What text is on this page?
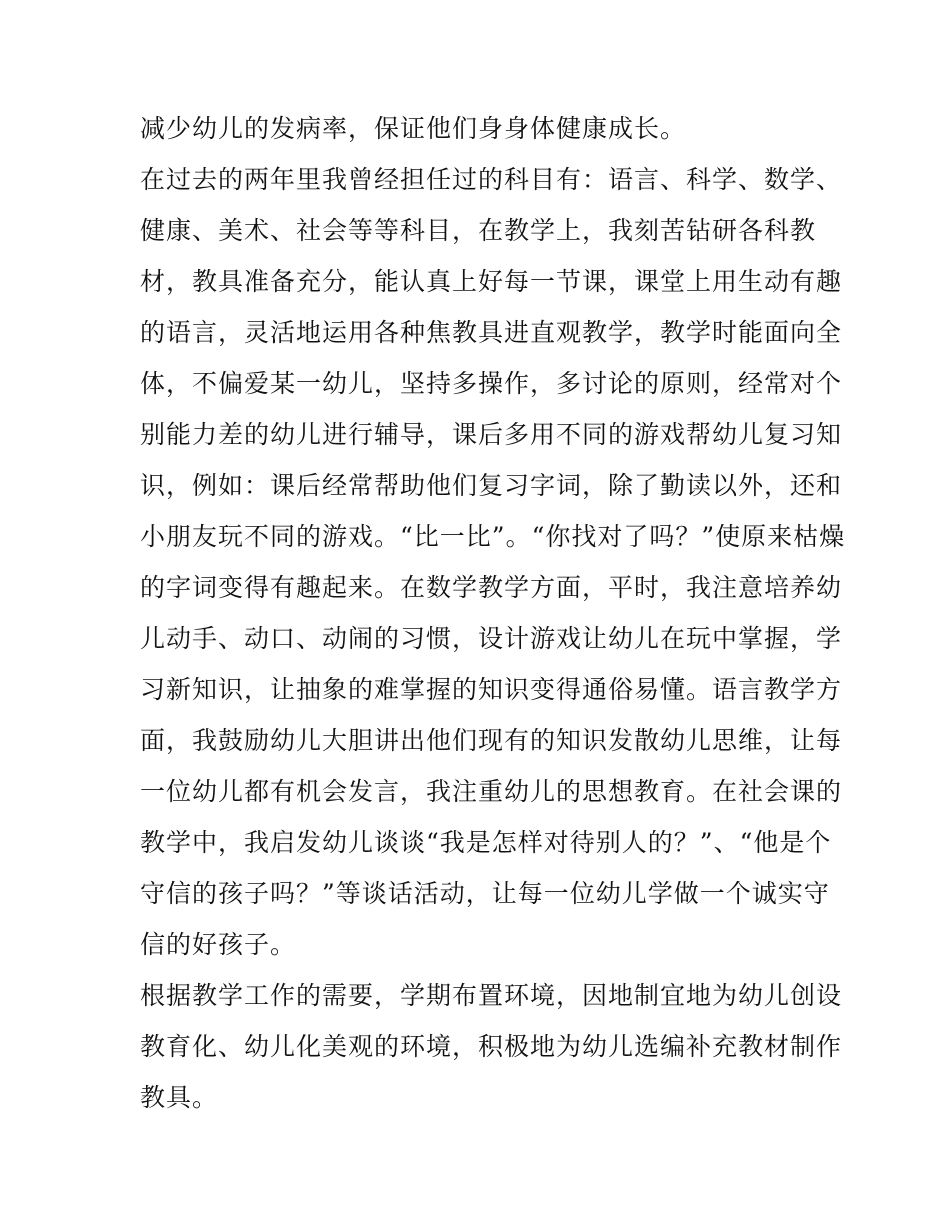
减少幼儿的发病率，保证他们身身体健康成长。
在过去的两年里我曾经担任过的科目有：语言、科学、数学、
健康、美术、社会等等科目，在教学上，我刻苦钻研各科教
材，教具准备充分，能认真上好每一节课，课堂上用生动有趣
的语言，灵活地运用各种焦教具进直观教学，教学时能面向全
体，不偏爱某一幼儿，坚持多操作，多讨论的原则，经常对个
别能力差的幼儿进行辅导，课后多用不同的游戏帮幼儿复习知
识，例如：课后经常帮助他们复习字词，除了勤读以外，还和
小朋友玩不同的游戏。“比一比”。“你找对了吗？”使原来枯燥
的字词变得有趣起来。在数学教学方面，平时，我注意培养幼
儿动手、动口、动闹的习惯，设计游戏让幼儿在玩中掌握，学
习新知识，让抽象的难掌握的知识变得通俗易懂。语言教学方
面，我鼓励幼儿大胆讲出他们现有的知识发散幼儿思维，让每
一位幼儿都有机会发言，我注重幼儿的思想教育。在社会课的
教学中，我启发幼儿谈谈“我是怎样对待别人的？”、“他是个
守信的孩子吗？”等谈话活动，让每一位幼儿学做一个诚实守
信的好孩子。
根据教学工作的需要，学期布置环境，因地制宜地为幼儿创设
教育化、幼儿化美观的环境，积极地为幼儿选编补充教材制作
教具。
